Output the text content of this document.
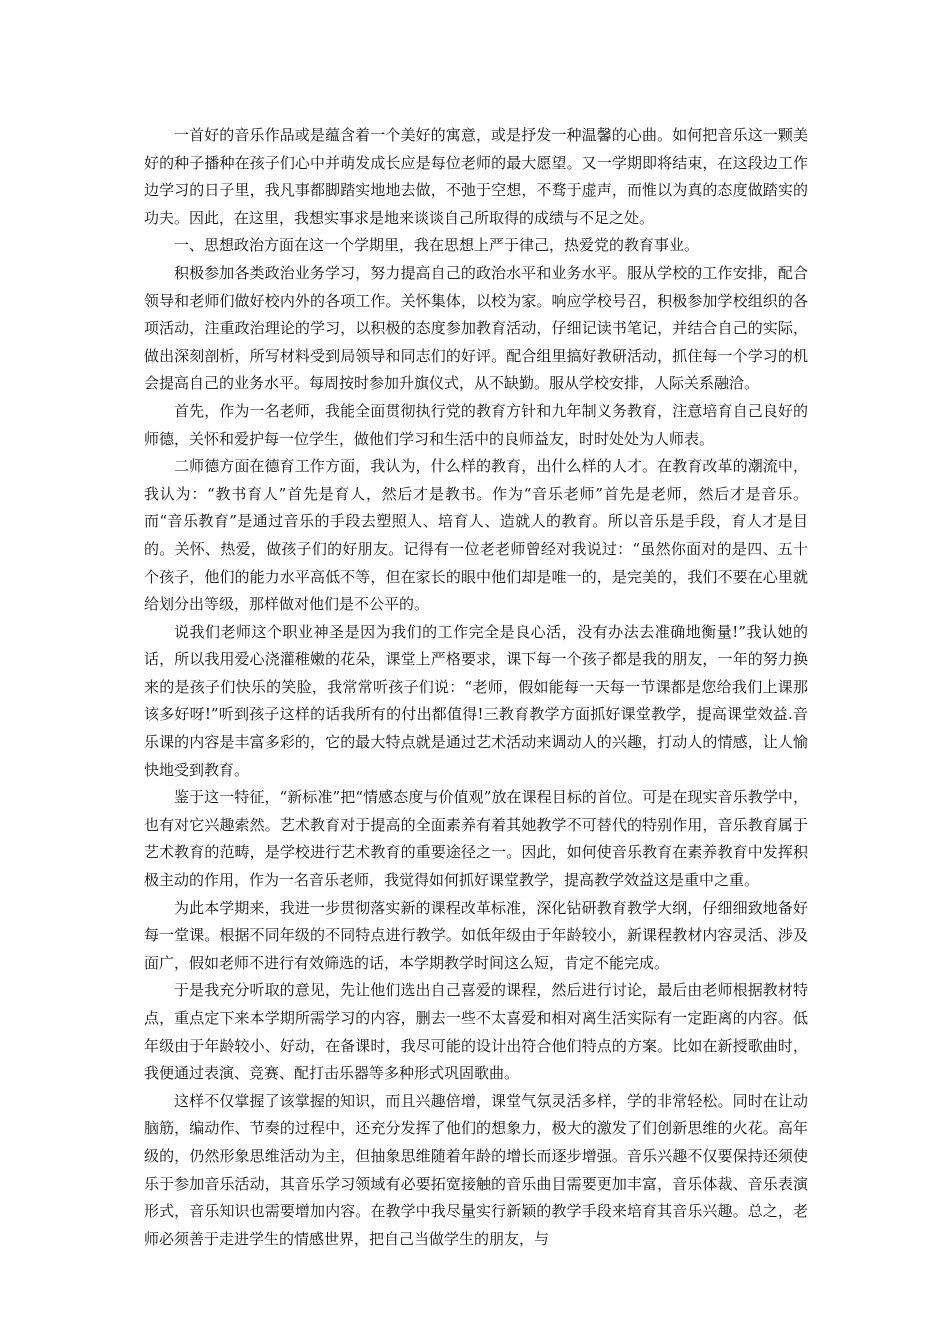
一首好的音乐作品或是蕴含着一个美好的寓意，或是抒发一种温馨的心曲。如何把音乐这一颗美好的种子播种在孩子们心中并萌发成长应是每位老师的最大愿望。又一学期即将结束，在这段边工作边学习的日子里，我凡事都脚踏实地地去做，不弛于空想，不骛于虚声，而惟以为真的态度做踏实的功夫。因此，在这里，我想实事求是地来谈谈自己所取得的成绩与不足之处。

一、思想政治方面在这一个学期里，我在思想上严于律己，热爱党的教育事业。

积极参加各类政治业务学习，努力提高自己的政治水平和业务水平。服从学校的工作安排，配合领导和老师们做好校内外的各项工作。关怀集体，以校为家。响应学校号召，积极参加学校组织的各项活动，注重政治理论的学习，以积极的态度参加教育活动，仔细记读书笔记，并结合自己的实际，做出深刻剖析，所写材料受到局领导和同志们的好评。配合组里搞好教研活动，抓住每一个学习的机会提高自己的业务水平。每周按时参加升旗仪式，从不缺勤。服从学校安排，人际关系融洽。

首先，作为一名老师，我能全面贯彻执行党的教育方针和九年制义务教育，注意培育自己良好的师德，关怀和爱护每一位学生，做他们学习和生活中的良师益友，时时处处为人师表。

二师德方面在德育工作方面，我认为，什么样的教育，出什么样的人才。在教育改革的潮流中，我认为：“教书育人”首先是育人，然后才是教书。作为“音乐老师”首先是老师，然后才是音乐。而“音乐教育”是通过音乐的手段去塑照人、培育人、造就人的教育。所以音乐是手段，育人才是目的。关怀、热爱，做孩子们的好朋友。记得有一位老老师曾经对我说过：“虽然你面对的是四、五十个孩子，他们的能力水平高低不等，但在家长的眼中他们却是唯一的，是完美的，我们不要在心里就给划分出等级，那样做对他们是不公平的。

说我们老师这个职业神圣是因为我们的工作完全是良心活，没有办法去准确地衡量!”我认她的话，所以我用爱心浇灌稚嫩的花朵，课堂上严格要求，课下每一个孩子都是我的朋友，一年的努力换来的是孩子们快乐的笑脸，我常常听孩子们说：“老师，假如能每一天每一节课都是您给我们上课那该多好呀!”听到孩子这样的话我所有的付出都值得!三教育教学方面抓好课堂教学，提高课堂效益.音乐课的内容是丰富多彩的，它的最大特点就是通过艺术活动来调动人的兴趣，打动人的情感，让人愉快地受到教育。

鉴于这一特征，“新标准”把“情感态度与价值观”放在课程目标的首位。可是在现实音乐教学中，也有对它兴趣索然。艺术教育对于提高的全面素养有着其她教学不可替代的特别作用，音乐教育属于艺术教育的范畴，是学校进行艺术教育的重要途径之一。因此，如何使音乐教育在素养教育中发挥积极主动的作用，作为一名音乐老师，我觉得如何抓好课堂教学，提高教学效益这是重中之重。

为此本学期来，我进一步贯彻落实新的课程改革标准，深化钻研教育教学大纲，仔细细致地备好每一堂课。根据不同年级的不同特点进行教学。如低年级由于年龄较小，新课程教材内容灵活、涉及面广，假如老师不进行有效筛选的话，本学期教学时间这么短，肯定不能完成。

于是我充分听取的意见，先让他们选出自己喜爱的课程，然后进行讨论，最后由老师根据教材特点，重点定下来本学期所需学习的内容，删去一些不太喜爱和相对离生活实际有一定距离的内容。低年级由于年龄较小、好动，在备课时，我尽可能的设计出符合他们特点的方案。比如在新授歌曲时，我便通过表演、竞赛、配打击乐器等多种形式巩固歌曲。

这样不仅掌握了该掌握的知识，而且兴趣倍增，课堂气氛灵活多样，学的非常轻松。同时在让动脑筋，编动作、节奏的过程中，还充分发挥了他们的想象力，极大的激发了们创新思维的火花。高年级的，仍然形象思维活动为主，但抽象思维随着年龄的增长而逐步增强。音乐兴趣不仅要保持还须使乐于参加音乐活动，其音乐学习领域有必要拓宽接触的音乐曲目需要更加丰富，音乐体裁、音乐表演形式，音乐知识也需要增加内容。在教学中我尽量实行新颖的教学手段来培育其音乐兴趣。总之，老师必须善于走进学生的情感世界，把自己当做学生的朋友，与
